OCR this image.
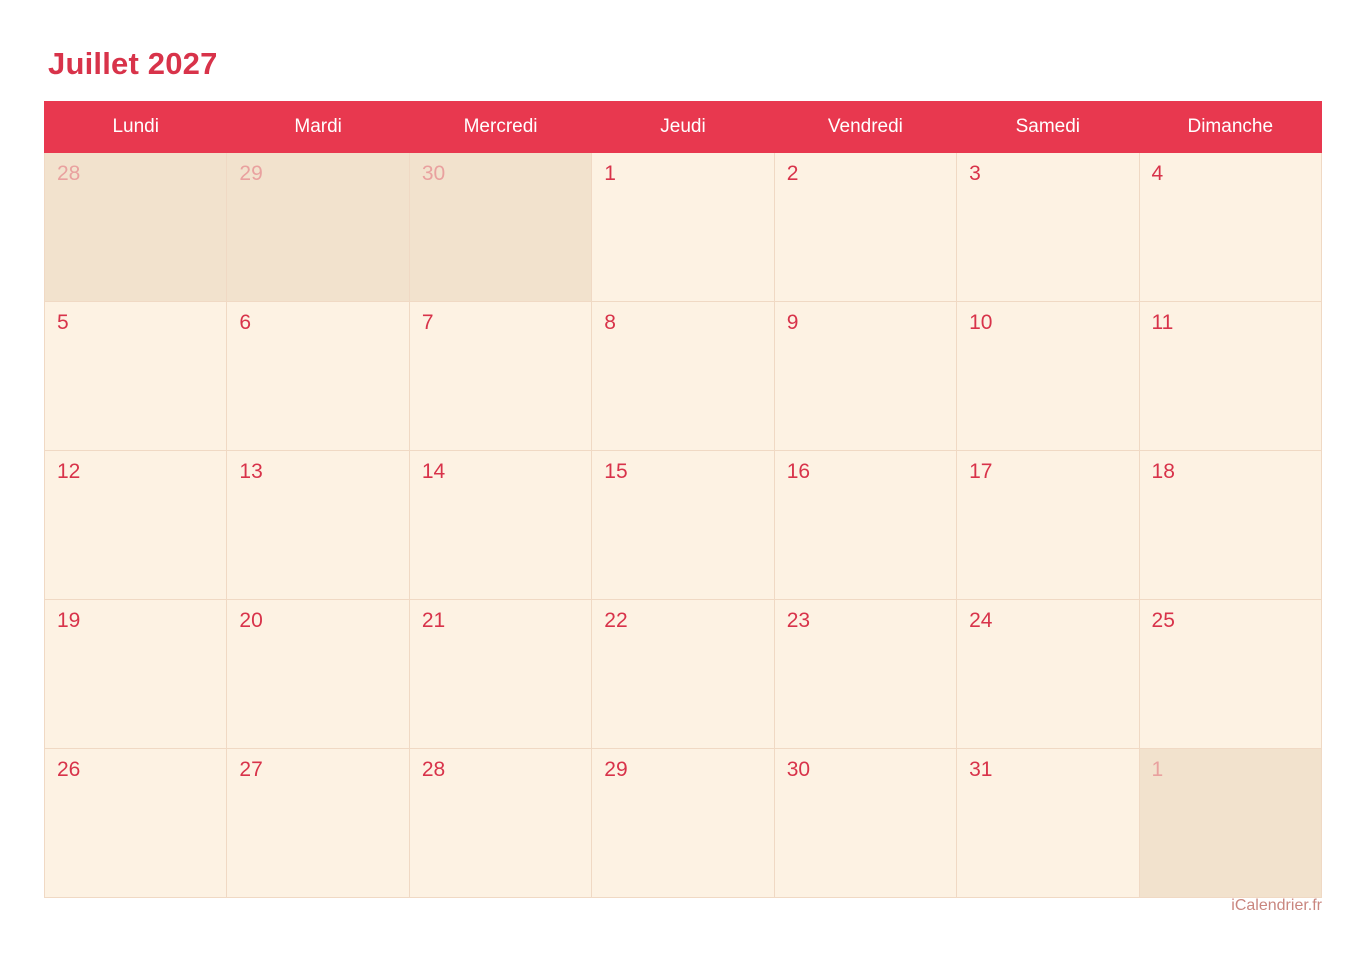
Juillet 2027
Lundi	Mardi	Mercredi	Jeudi	Vendredi	Samedi	Dimanche

28	29	30	1	2	3	4

5	6	7	8	9	10	11

12	13	14	15	16	17	18

19	20	21	22	23	24	25

26	27	28	29	30	31	1
iCalendrier.fr
